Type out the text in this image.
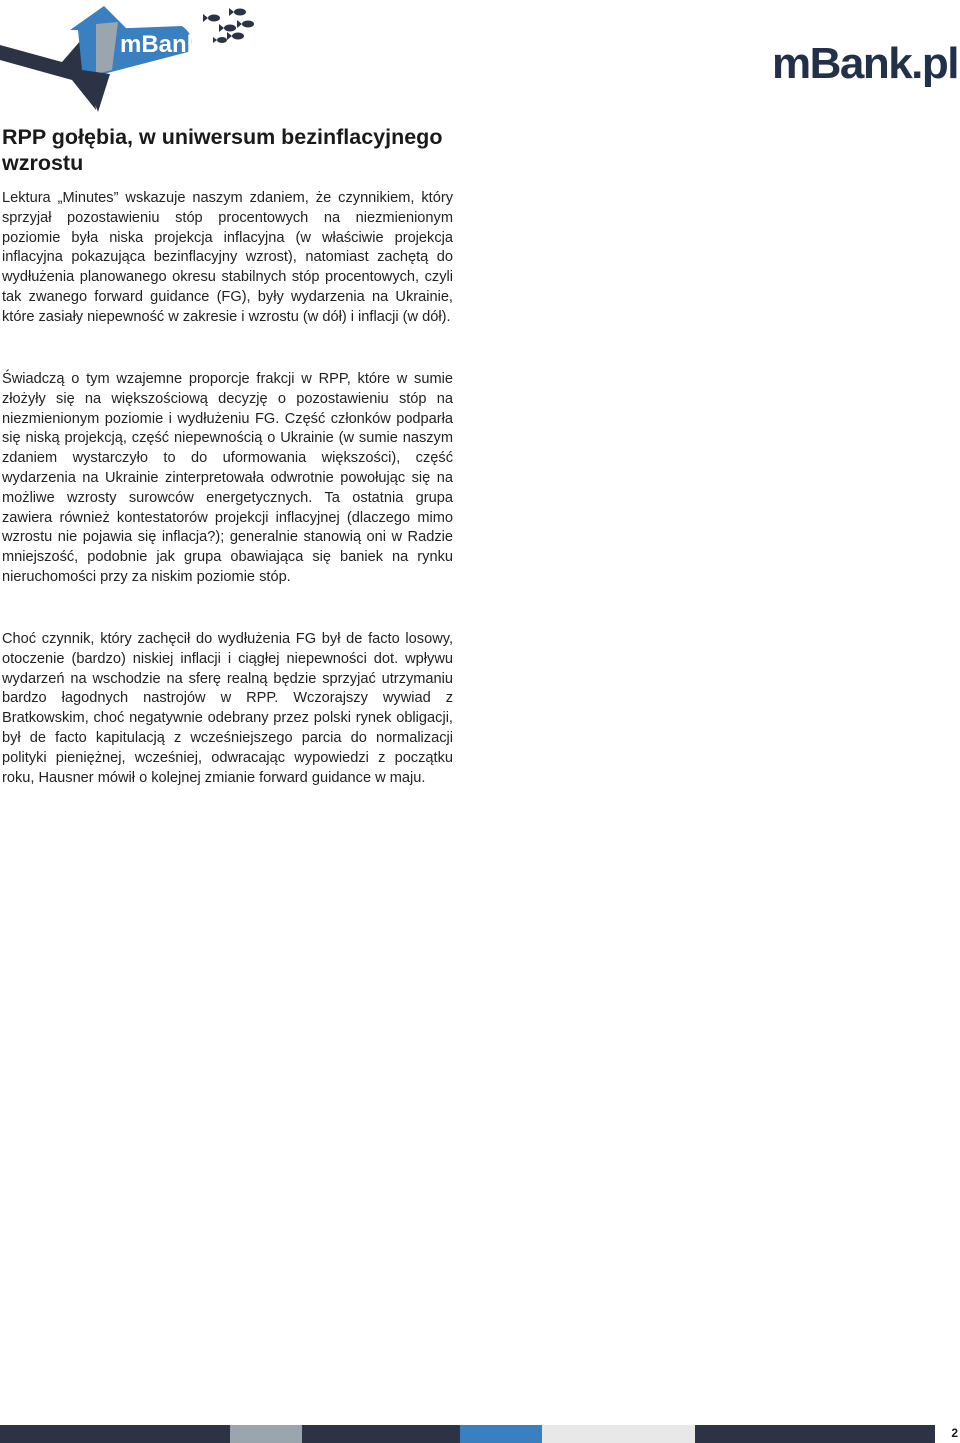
mBank	mBank.pl
RPP gołębia, w uniwersum bezinflacyjnego wzrostu

Lektura „Minutes” wskazuje naszym zdaniem, że czynnikiem, który sprzyjał pozostawieniu stóp procentowych na niezmienionym poziomie była niska projekcja inflacyjna (w właściwie projekcja inflacyjna pokazująca bezinflacyjny wzrost), natomiast zachętą do wydłużenia planowanego okresu stabilnych stóp procentowych, czyli tak zwanego forward guidance (FG), były wydarzenia na Ukrainie, które zasiały niepewność w zakresie i wzrostu (w dół) i inflacji (w dół).

Świadczą o tym wzajemne proporcje frakcji w RPP, które w sumie złożyły się na większościową decyzję o pozostawieniu stóp na niezmienionym poziomie i wydłużeniu FG. Część członków podparła się niską projekcją, część niepewnością o Ukrainie (w sumie naszym zdaniem wystarczyło to do uformowania większości), część wydarzenia na Ukrainie zinterpretowała odwrotnie powołując się na możliwe wzrosty surowców energetycznych. Ta ostatnia grupa zawiera również kontestatorów projekcji inflacyjnej (dlaczego mimo wzrostu nie pojawia się inflacja?); generalnie stanowią oni w Radzie mniejszość, podobnie jak grupa obawiająca się baniek na rynku nieruchomości przy za niskim poziomie stóp.

Choć czynnik, który zachęcił do wydłużenia FG był de facto losowy, otoczenie (bardzo) niskiej inflacji i ciągłej niepewności dot. wpływu wydarzeń na wschodzie na sferę realną będzie sprzyjać utrzymaniu bardzo łagodnych nastrojów w RPP. Wczorajszy wywiad z Bratkowskim, choć negatywnie odebrany przez polski rynek obligacji, był de facto kapitulacją z wcześniejszego parcia do normalizacji polityki pieniężnej, wcześniej, odwracając wypowiedzi z początku roku, Hausner mówił o kolejnej zmianie forward guidance w maju.

2
